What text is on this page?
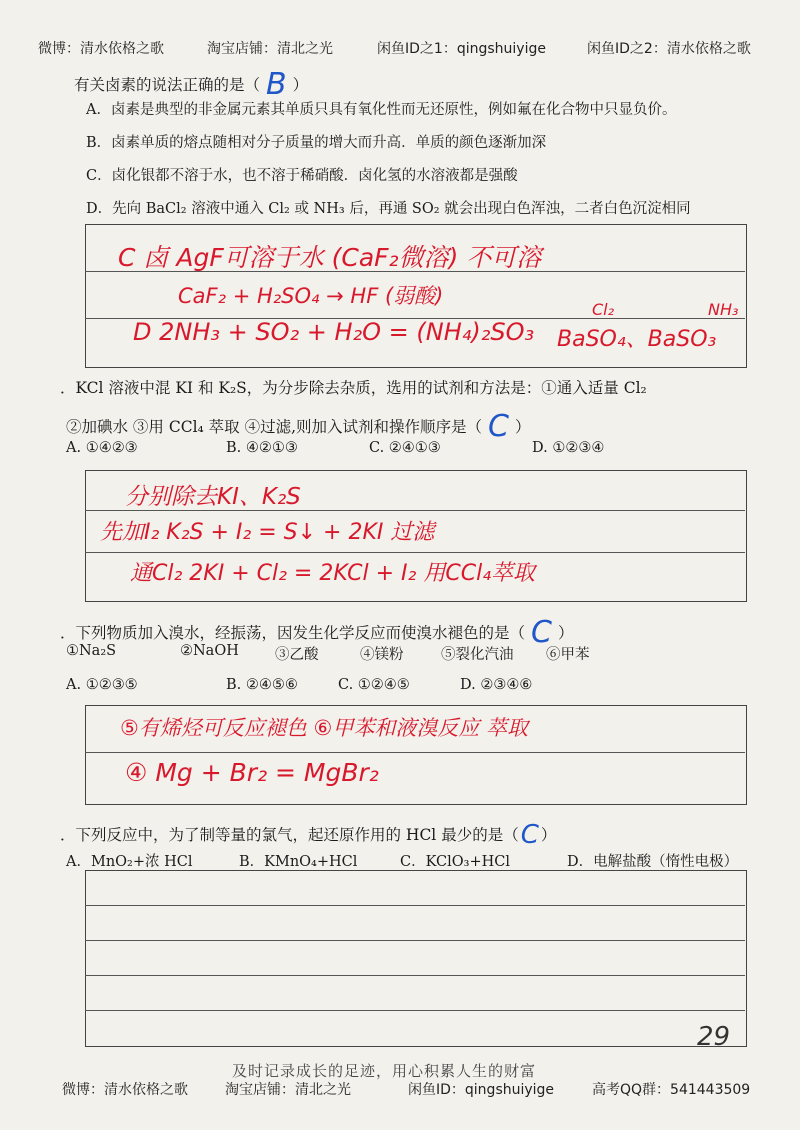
微博：清水依格之歌	淘宝店铺：清北之光	闲鱼ID之1：qingshuiyige	闲鱼ID之2：清水依格之歌
有关卤素的说法正确的是（ B ）
A．卤素是典型的非金属元素其单质只具有氧化性而无还原性，例如氟在化合物中只显负价。
B．卤素单质的熔点随相对分子质量的增大而升高．单质的颜色逐渐加深
C．卤化银都不溶于水，也不溶于稀硝酸．卤化氢的水溶液都是强酸
D．先向 BaCl₂ 溶液中通入 Cl₂ 或 NH₃ 后，再通 SO₂ 就会出现白色浑浊，二者白色沉淀相同
C 卤 AgF可溶于水 (CaF₂微溶) 不可溶
CaF₂ + H₂SO₄ → HF (弱酸)
D 2NH₃ + SO₂ + H₂O = (NH₄)₂SO₃
Cl₂	NH₃
BaSO₄、BaSO₃
．KCl 溶液中混 KI 和 K₂S，为分步除去杂质，选用的试剂和方法是：①通入适量 Cl₂
②加碘水 ③用 CCl₄ 萃取 ④过滤,则加入试剂和操作顺序是（ C ）
A. ①④②③	B. ④②①③	C. ②④①③	D. ①②③④
分别除去KI、K₂S
先加I₂ K₂S + I₂ = S↓ + 2KI 过滤
通Cl₂ 2KI + Cl₂ = 2KCl + I₂ 用CCl₄萃取
．下列物质加入溴水，经振荡，因发生化学反应而使溴水褪色的是（ C ）
①Na₂S	②NaOH ③乙酸	④镁粉	⑤裂化汽油 ⑥甲苯
A. ①②③⑤	B. ②④⑤⑥	C. ①②④⑤	D. ②③④⑥
⑤有烯烃可反应褪色 ⑥甲苯和液溴反应 萃取
④ Mg + Br₂ = MgBr₂
．下列反应中，为了制等量的氯气，起还原作用的 HCl 最少的是（C ）
A．MnO₂+浓 HCl	B．KMnO₄+HCl	C．KClO₃+HCl	D．电解盐酸（惰性电极）
29
及时记录成长的足迹，用心积累人生的财富
微博：清水依格之歌	淘宝店铺：清北之光	闲鱼ID：qingshuiyige	高考QQ群：541443509
